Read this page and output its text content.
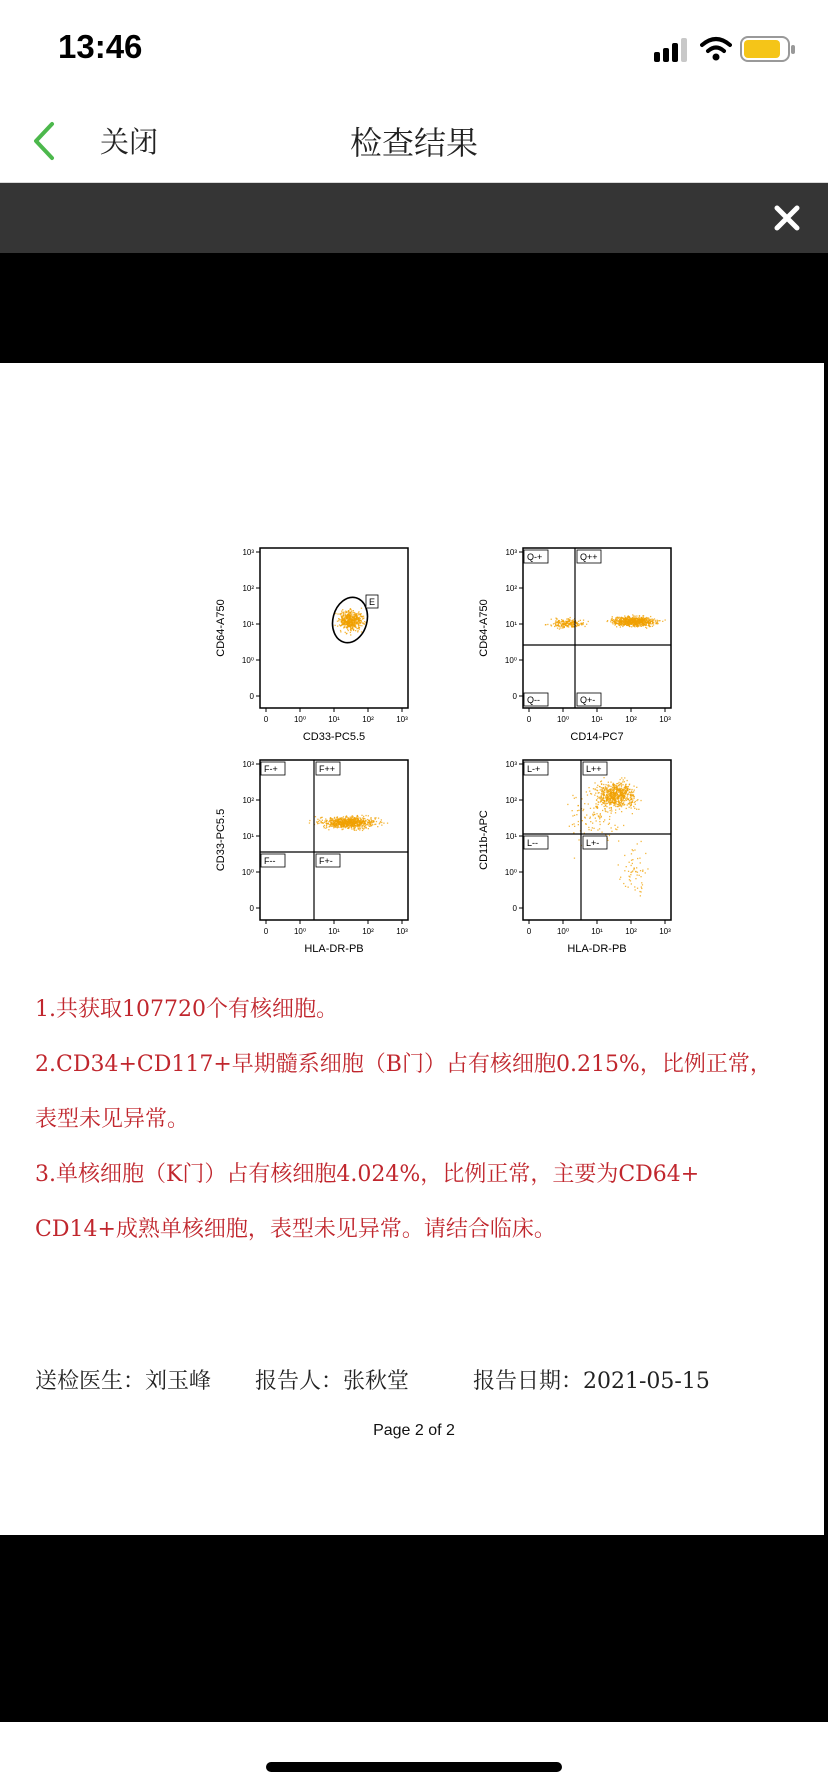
13:46
关闭	检查结果
10³
10²
10¹
10⁰
0
0	10⁰	10¹	10²	10³
CD33-PC5.5
CD64-A750	E
10³
10²
10¹
10⁰
0
0	10⁰	10¹	10²	10³
CD14-PC7
CD64-A750
Q-+	Q++
Q--	Q+-
10³
10²
10¹
10⁰
0
0	10⁰	10¹	10²	10³
HLA-DR-PB
CD33-PC5.5
F-+	F++
F--	F+-
10³
10²
10¹
10⁰
0
0	10⁰	10¹	10²	10³
HLA-DR-PB
CD11b-APC
L-+	L++
L--	L+-
1.共获取107720个有核细胞。
2.CD34+CD117+早期髓系细胞（B门）占有核细胞0.215%，比例正常，
表型未见异常。
3.单核细胞（K门）占有核细胞4.024%，比例正常，主要为CD64+
CD14+成熟单核细胞，表型未见异常。请结合临床。
送检医生：刘玉峰 报告人：张秋堂	报告日期：2021-05-15
Page 2 of 2
